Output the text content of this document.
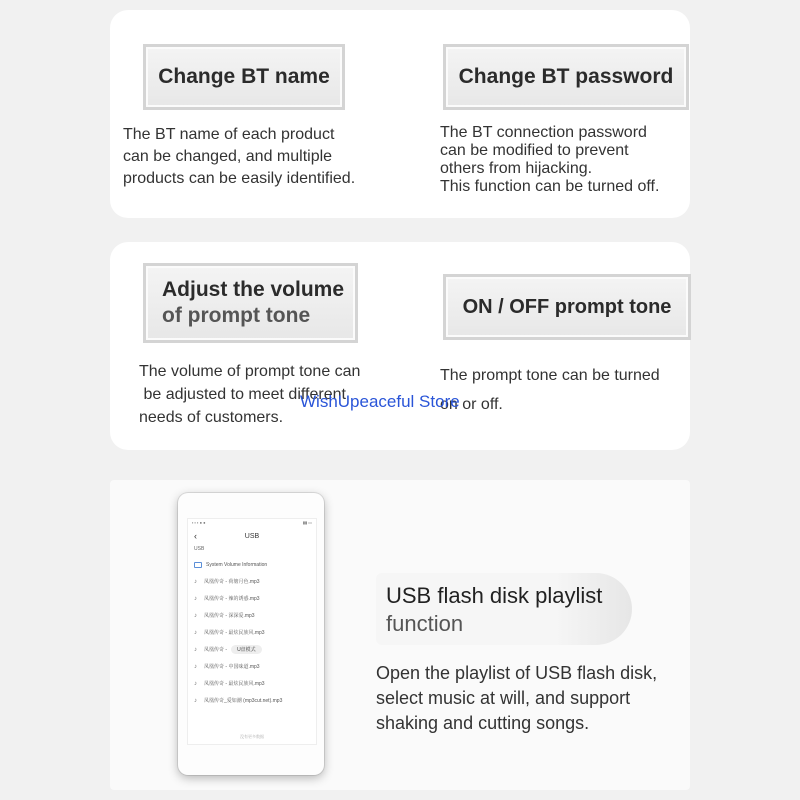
Change BT name
The BT name of each product
can be changed, and multiple
products can be easily identified.
Change BT password
The BT connection password
can be modified to prevent
others from hijacking.
This function can be turned off.
Adjust the volume
of prompt tone
The volume of prompt tone can
be adjusted to meet different
needs of customers.
ON / OFF prompt tone
The prompt tone can be turned
on or off.
WishUpeaceful Store
▪ ▪ ▪ ● ●	▮▮ ▭
‹	USB
USB
System Volume Information
♪	凤凰传奇 - 荷塘月色.mp3
♪	凤凰传奇 - 辣的诱惑.mp3
♪	凤凰传奇 - 深深爱.mp3
♪	凤凰传奇 - 最炫民族风.mp3
♪	凤凰传奇 -	U盘模式
♪	凤凰传奇 - 中国味道.mp3
♪	凤凰传奇 - 最炫民族风.mp3
♪	凤凰传奇_爱如潮 (mp3cut.net).mp3
没有更多数据
USB flash disk playlist
function
Open the playlist of USB flash disk,
select music at will, and support
shaking and cutting songs.
